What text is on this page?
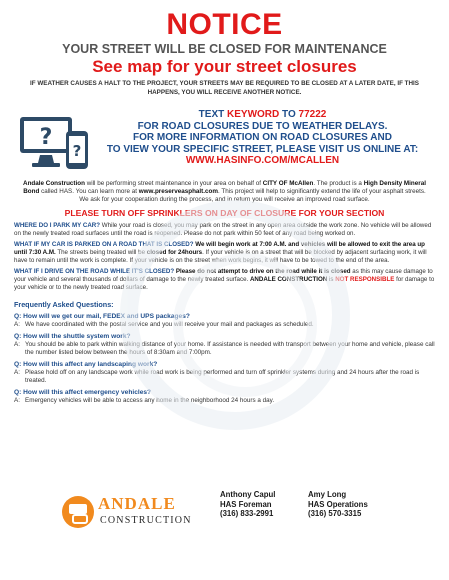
NOTICE
YOUR STREET WILL BE CLOSED FOR MAINTENANCE
See map for your street closures
IF WEATHER CAUSES A HALT TO THE PROJECT, YOUR STREETS MAY BE REQUIRED TO BE CLOSED AT A LATER DATE, IF THIS HAPPENS, YOU WILL RECEIVE ANOTHER NOTICE.
?
?
TEXT KEYWORD TO 77222
FOR ROAD CLOSURES DUE TO WEATHER DELAYS.
FOR MORE INFORMATION ON ROAD CLOSURES AND
TO VIEW YOUR SPECIFIC STREET, PLEASE VISIT US ONLINE AT:
WWW.HASINFO.COM/MCALLEN
Andale Construction will be performing street maintenance in your area on behalf of CITY OF McAllen. The product is a High Density Mineral Bond called HAS. You can learn more at www.preserveasphalt.com. This project will help to significantly extend the life of your asphalt streets. We ask for your cooperation during the process, and in return you will receive an improved road surface.
PLEASE TURN OFF SPRINKLERS ON DAY OF CLOSURE FOR YOUR SECTION
WHERE DO I PARK MY CAR? While your road is closed, you may park on the street in any open area outside the work zone. No vehicle will be allowed on the newly treated road surfaces until the road is reopened. Please do not park within 50 feet of any road being worked on.
WHAT IF MY CAR IS PARKED ON A ROAD THAT IS CLOSED? We will begin work at 7:00 A.M. and vehicles will be allowed to exit the area up until 7:30 A.M. The streets being treated will be closed for 24hours. If your vehicle is on a street that will be blocked by adjacent surfacing work, it will have to remain until the work is complete. If your vehicle is on the street when work begins, it will have to be towed to the end of the area.
WHAT IF I DRIVE ON THE ROAD WHILE IT'S CLOSED? Please do not attempt to drive on the road while it is closed as this may cause damage to your vehicle and several thousands of dollars of damage to the newly treated surface. ANDALE CONSTRUCTION is NOT RESPONSIBLE for damage to your vehicle or to the newly treated road surface.
Frequently Asked Questions:
Q: How will we get our mail, FEDEX and UPS packages?
A: We have coordinated with the postal service and you will receive your mail and packages as scheduled.
Q: How will the shuttle system work?
A: You should be able to park within walking distance of your home. If assistance is needed with transport between your home and vehicle, please call the number listed below between the hours of 8:30am and 7:00pm.
Q: How will this affect any landscaping work?
A: Please hold off on any landscape work while road work is being performed and turn off sprinkler systems during and 24 hours after the road is treated.
Q: How will this affect emergency vehicles?
A: Emergency vehicles will be able to access any home in the neighborhood 24 hours a day.
ANDALE
CONSTRUCTION
Anthony Capul
HAS Foreman
(316) 833-2991
Amy Long
HAS Operations
(316) 570-3315
